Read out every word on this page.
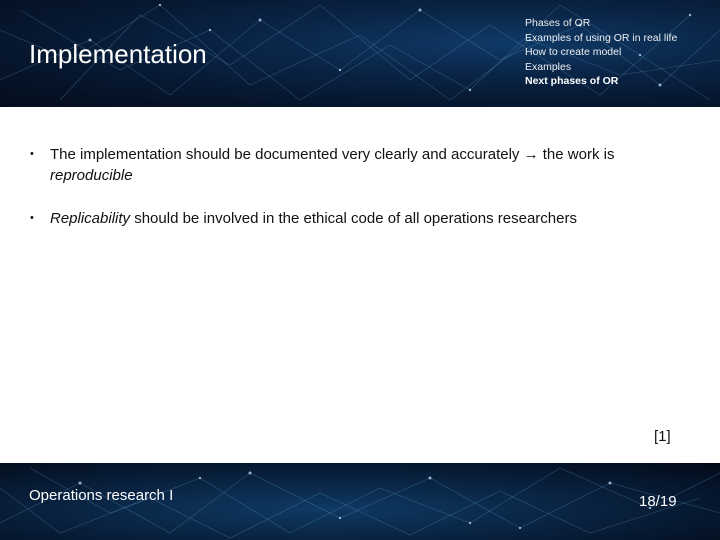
Implementation
Phases of OR
Examples of using OR in real life
How to create model
Examples
Next phases of OR
• The implementation should be documented very clearly and accurately → the work is reproducible
• Replicability should be involved in the ethical code of all operations researchers
[1]
Operations research I	18/19
